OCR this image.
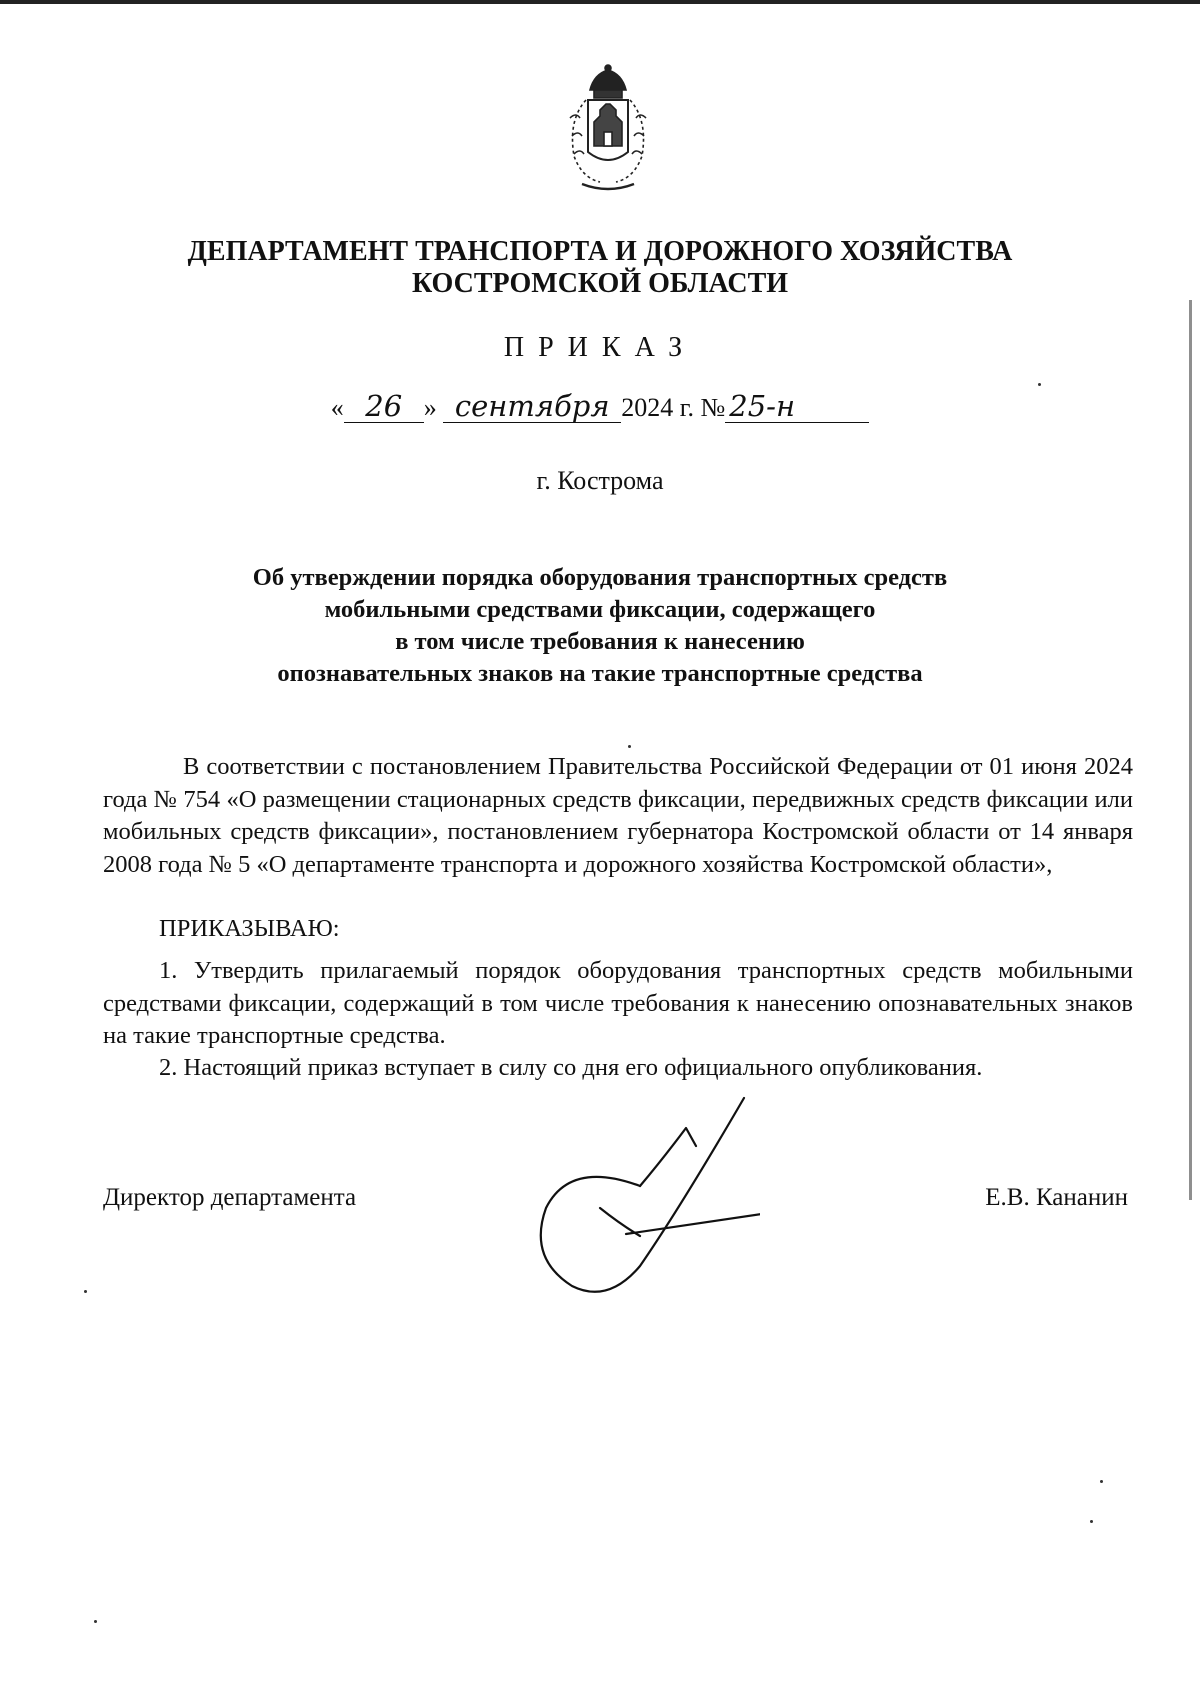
ДЕПАРТАМЕНТ ТРАНСПОРТА И ДОРОЖНОГО ХОЗЯЙСТВА
КОСТРОМСКОЙ ОБЛАСТИ
ПРИКАЗ
« 26 » сентября 2024 г. № 25-н
г. Кострома
Об утверждении порядка оборудования транспортных средств
мобильными средствами фиксации, содержащего
в том числе требования к нанесению
опознавательных знаков на такие транспортные средства
В соответствии с постановлением Правительства Российской Федерации от 01 июня 2024 года № 754 «О размещении стационарных средств фиксации, передвижных средств фиксации или мобильных средств фиксации», постановлением губернатора Костромской области от 14 января 2008 года № 5 «О департаменте транспорта и дорожного хозяйства Костромской области»,
ПРИКАЗЫВАЮ:
1. Утвердить прилагаемый порядок оборудования транспортных средств мобильными средствами фиксации, содержащий в том числе требования к нанесению опознавательных знаков на такие транспортные средства.
2. Настоящий приказ вступает в силу со дня его официального опубликования.
Директор департамента	Е.В. Кананин
